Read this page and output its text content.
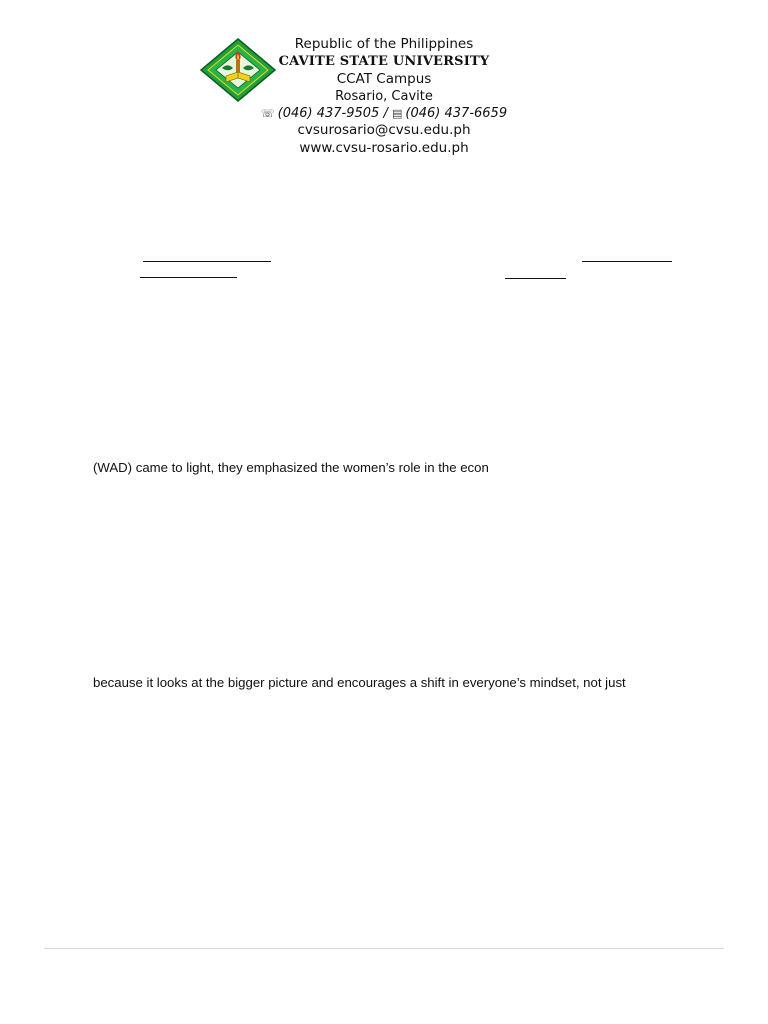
Republic of the Philippines
CAVITE STATE UNIVERSITY
CCAT Campus
Rosario, Cavite
☏ (046) 437-9505 / ▤ (046) 437-6659
cvsurosario@cvsu.edu.ph
www.cvsu-rosario.edu.ph
(WAD) came to light, they emphasized the women’s role in the econ
because it looks at the bigger picture and encourages a shift in everyone’s mindset, not just
